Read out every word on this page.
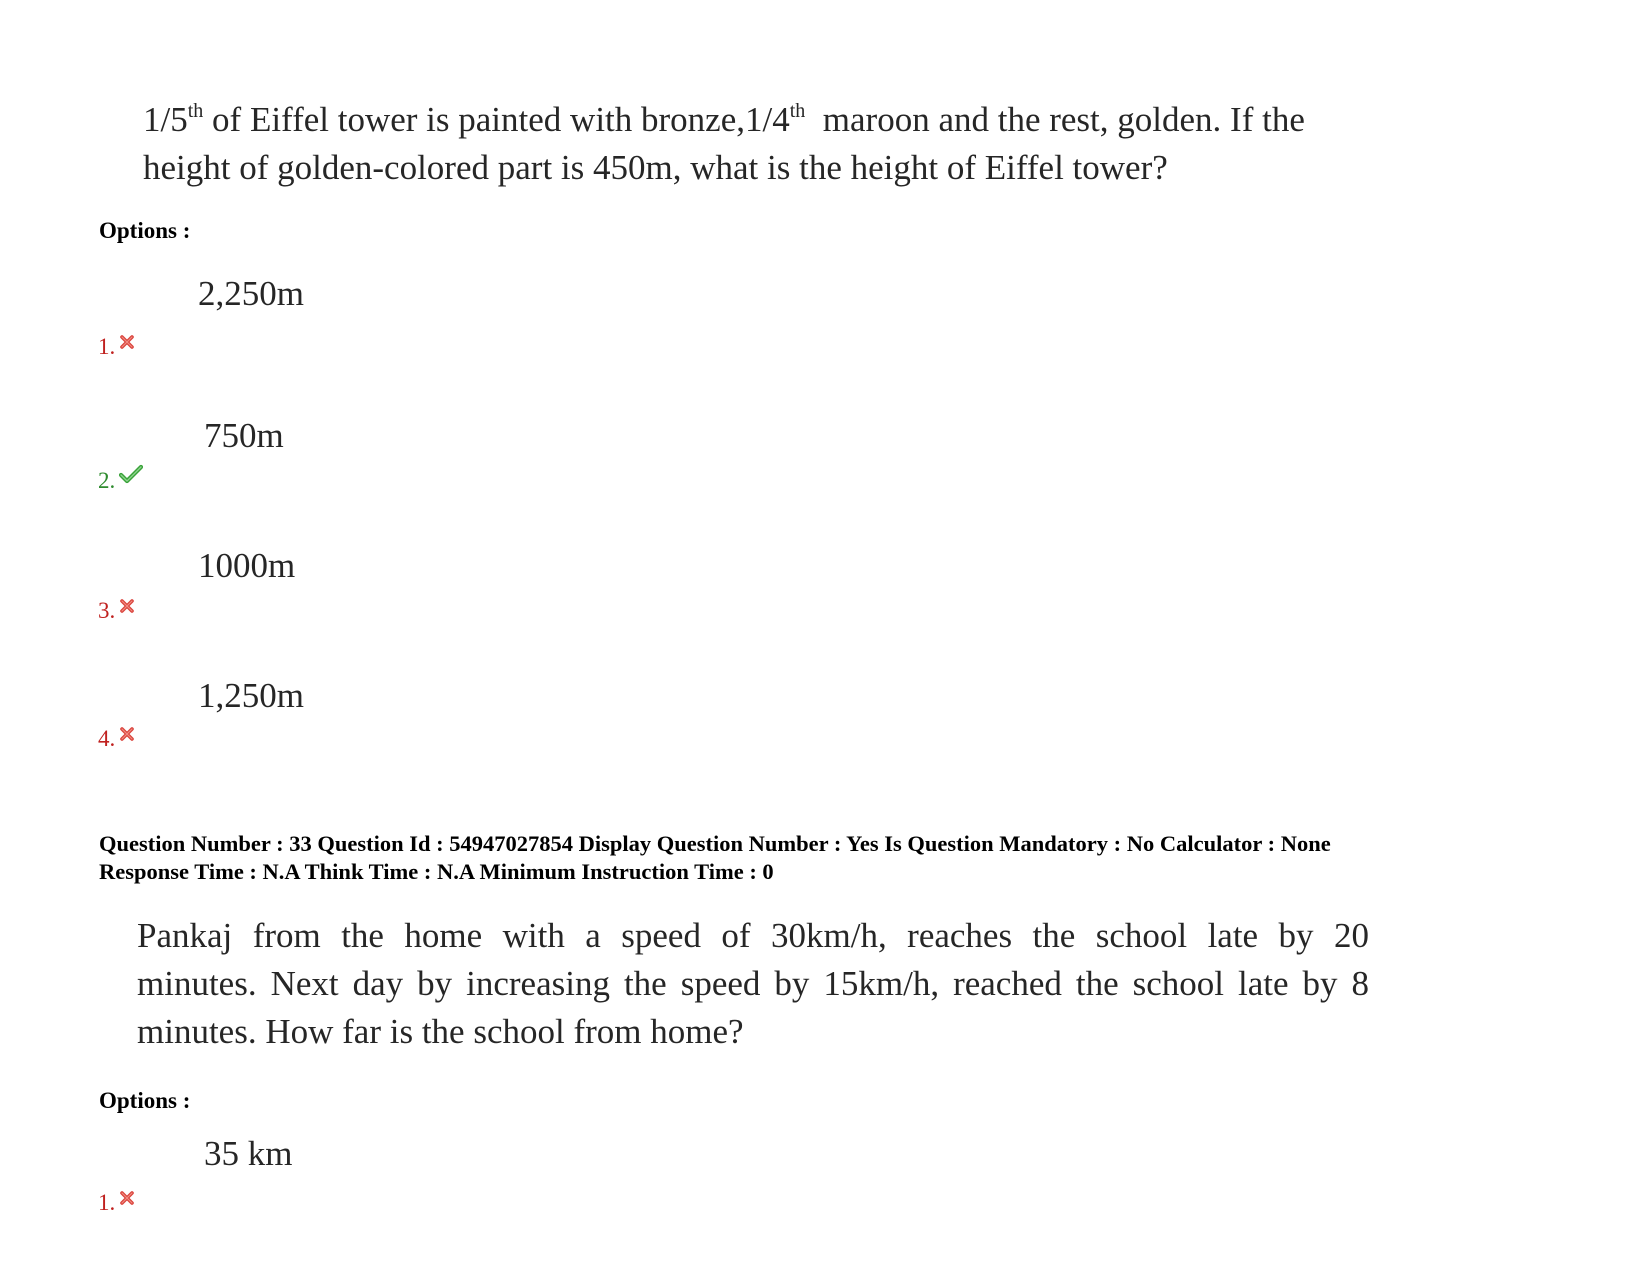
1/5th of Eiffel tower is painted with bronze,1/4th  maroon and the rest, golden. If the
height of golden-colored part is 450m, what is the height of Eiffel tower?
Options :
2,250m
1.
750m
2.
1000m
3.
1,250m
4.
Question Number : 33 Question Id : 54947027854 Display Question Number : Yes Is Question Mandatory : No Calculator : None
Response Time : N.A Think Time : N.A Minimum Instruction Time : 0
Pankaj from the home with a speed of 30km/h, reaches the school late by 20
minutes. Next day by increasing the speed by 15km/h, reached the school late by 8
minutes. How far is the school from home?
Options :
35 km
1.
